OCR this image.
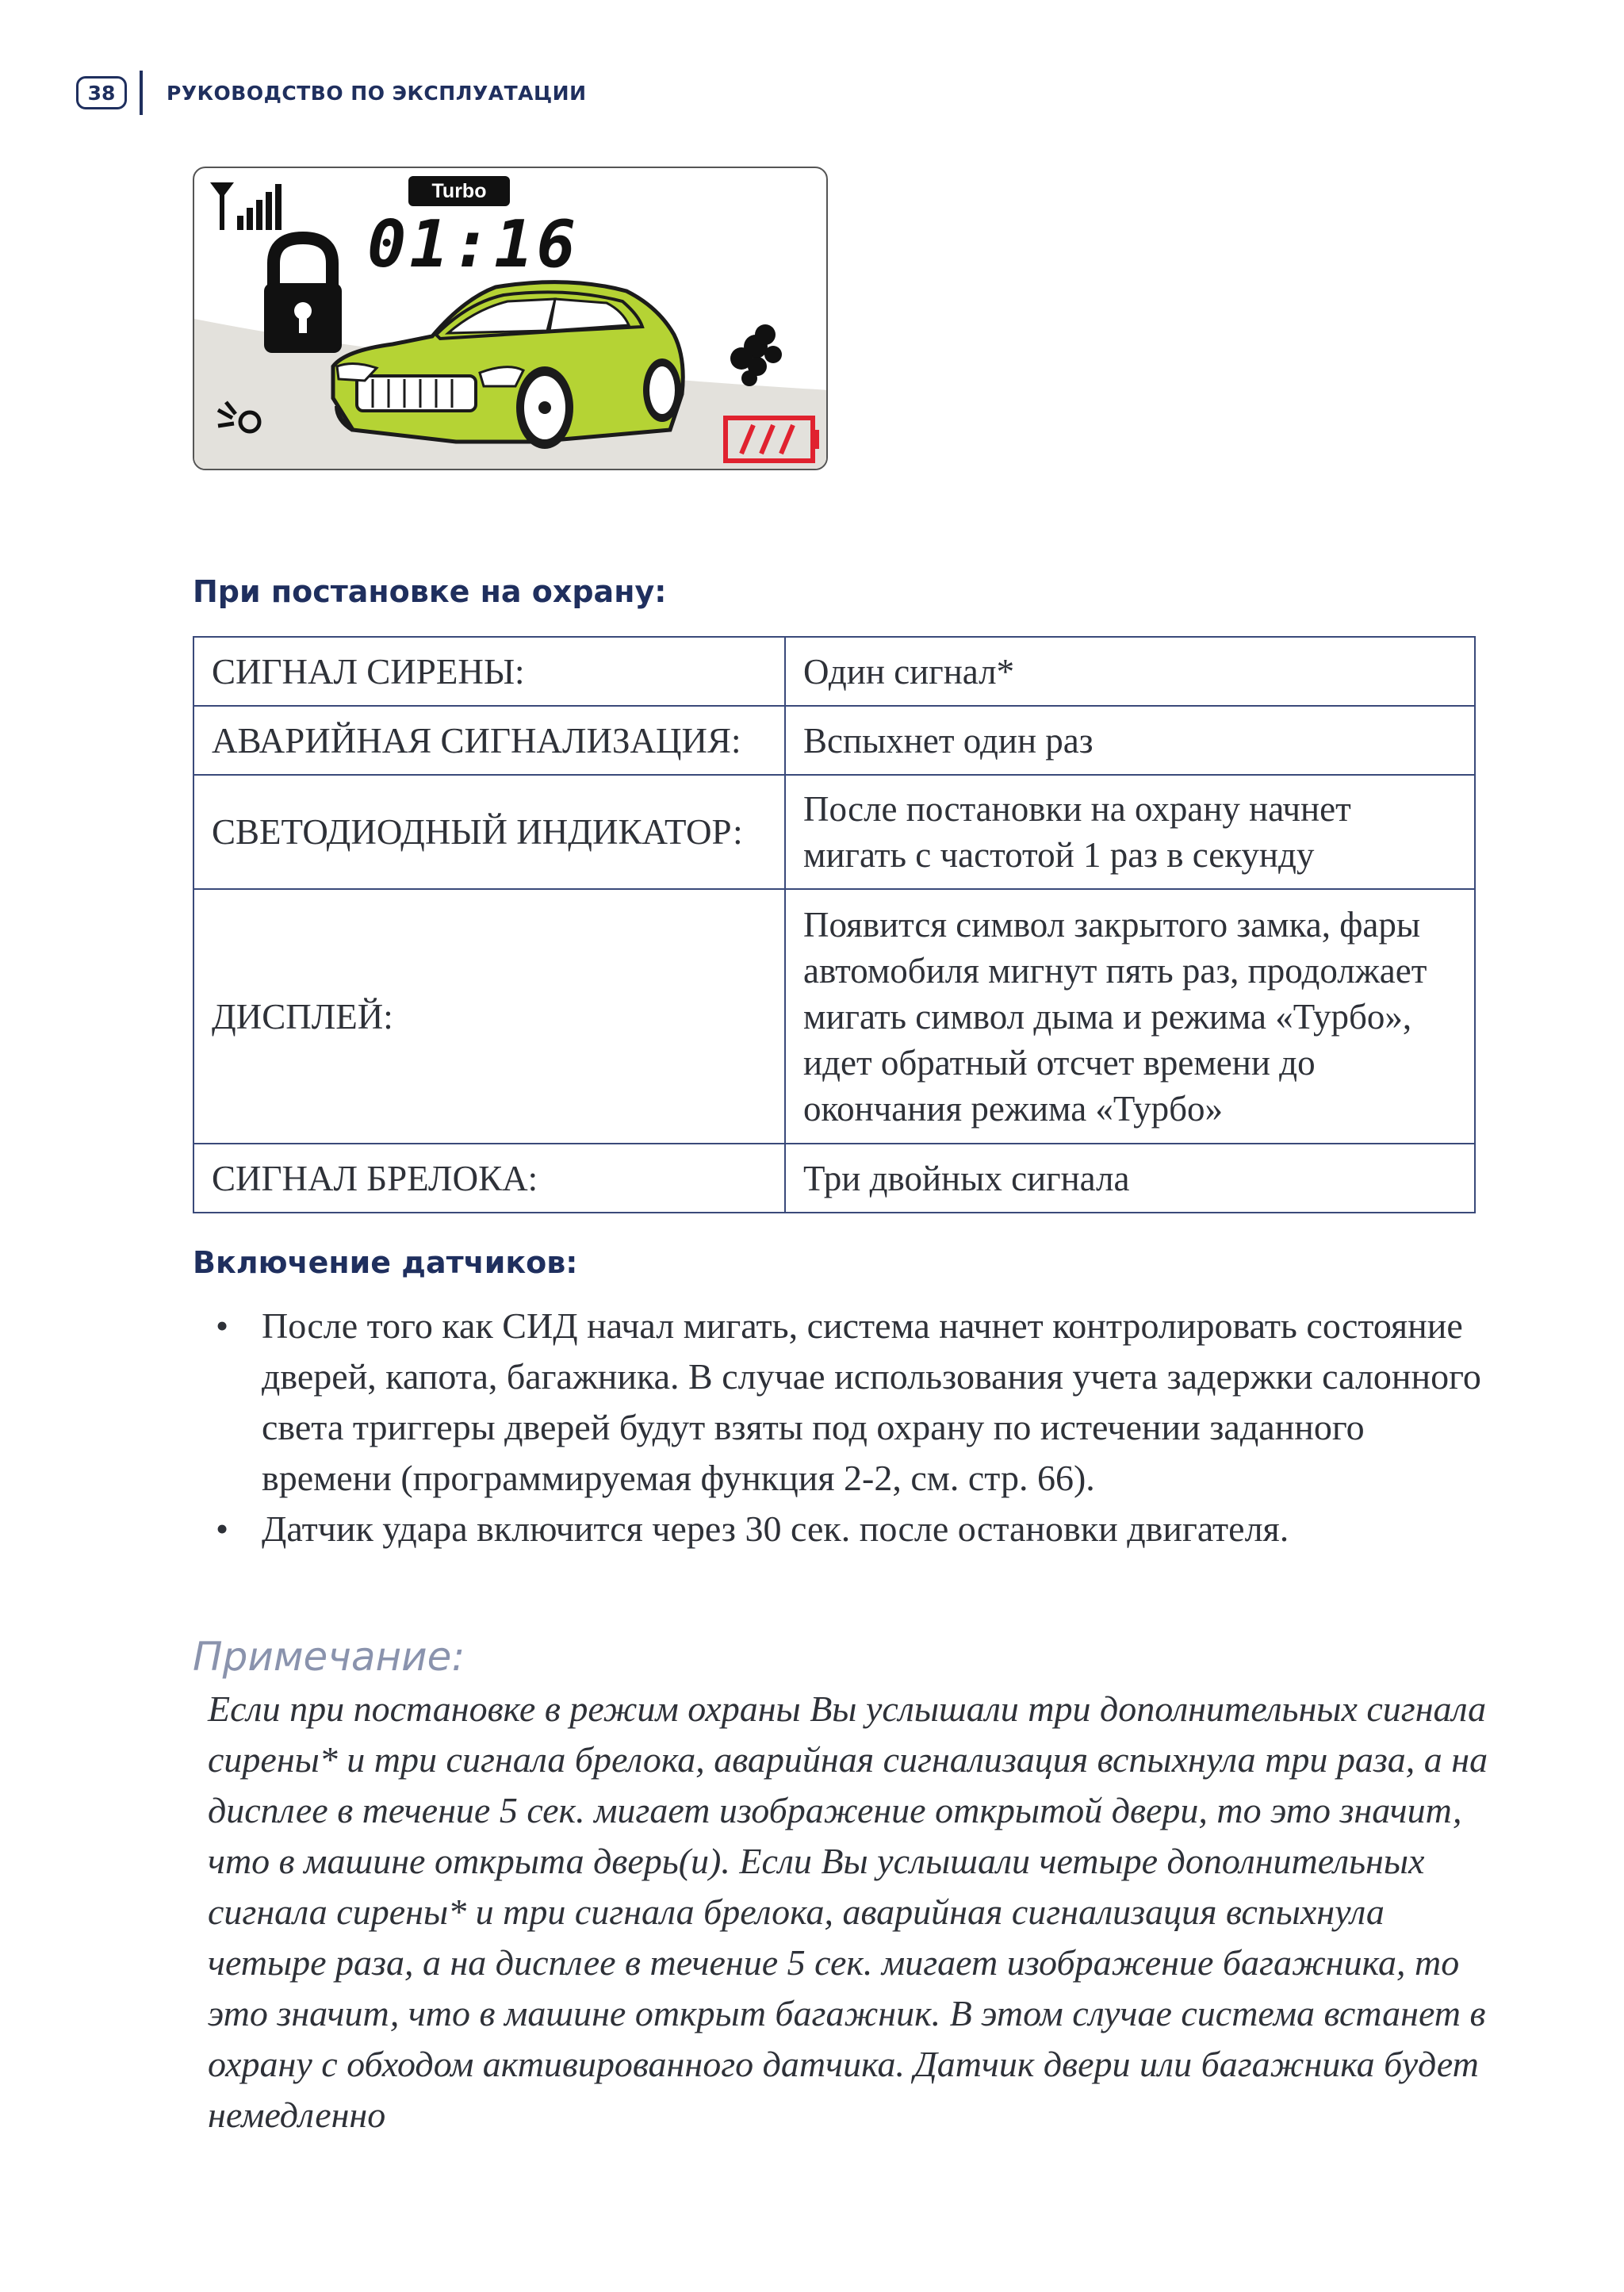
38	РУКОВОДСТВО ПО ЭКСПЛУАТАЦИИ
Turbo
01:16
При постановке на охрану:
СИГНАЛ СИРЕНЫ:	Один сигнал*
АВАРИЙНАЯ СИГНАЛИЗАЦИЯ:	Вспыхнет один раз
СВЕТОДИОДНЫЙ ИНДИКАТОР:	После постановки на охрану начнет мигать с частотой 1 раз в секунду
ДИСПЛЕЙ:	Появится символ закрытого замка, фары автомобиля мигнут пять раз, продолжает мигать символ дыма и режима «Турбо», идет обратный отсчет времени до окончания режима «Турбо»
СИГНАЛ БРЕЛОКА:	Три двойных сигнала
Включение датчиков:
• После того как СИД начал мигать, система начнет контролировать состояние дверей, капота, багажника. В случае использования учета задержки салонного света триггеры дверей будут взяты под охрану по истечении заданного времени (программируемая функция 2-2, см. стр. 66).
• Датчик удара включится через 30 сек. после остановки двигателя.
Примечание:
Если при постановке в режим охраны Вы услышали три дополнительных сигнала сирены* и три сигнала брелока, аварийная сигнализация вспыхнула три раза, а на дисплее в течение 5 сек. мигает изображение открытой двери, то это значит, что в машине открыта дверь(и). Если Вы услышали четыре дополнительных сигнала сирены* и три сигнала брелока, аварийная сигнализация вспыхнула четыре раза, а на дисплее в течение 5 сек. мигает изображение багажника, то это значит, что в машине открыт багажник. В этом случае система встанет в охрану с обходом активированного датчика. Датчик двери или багажника будет немедленно
